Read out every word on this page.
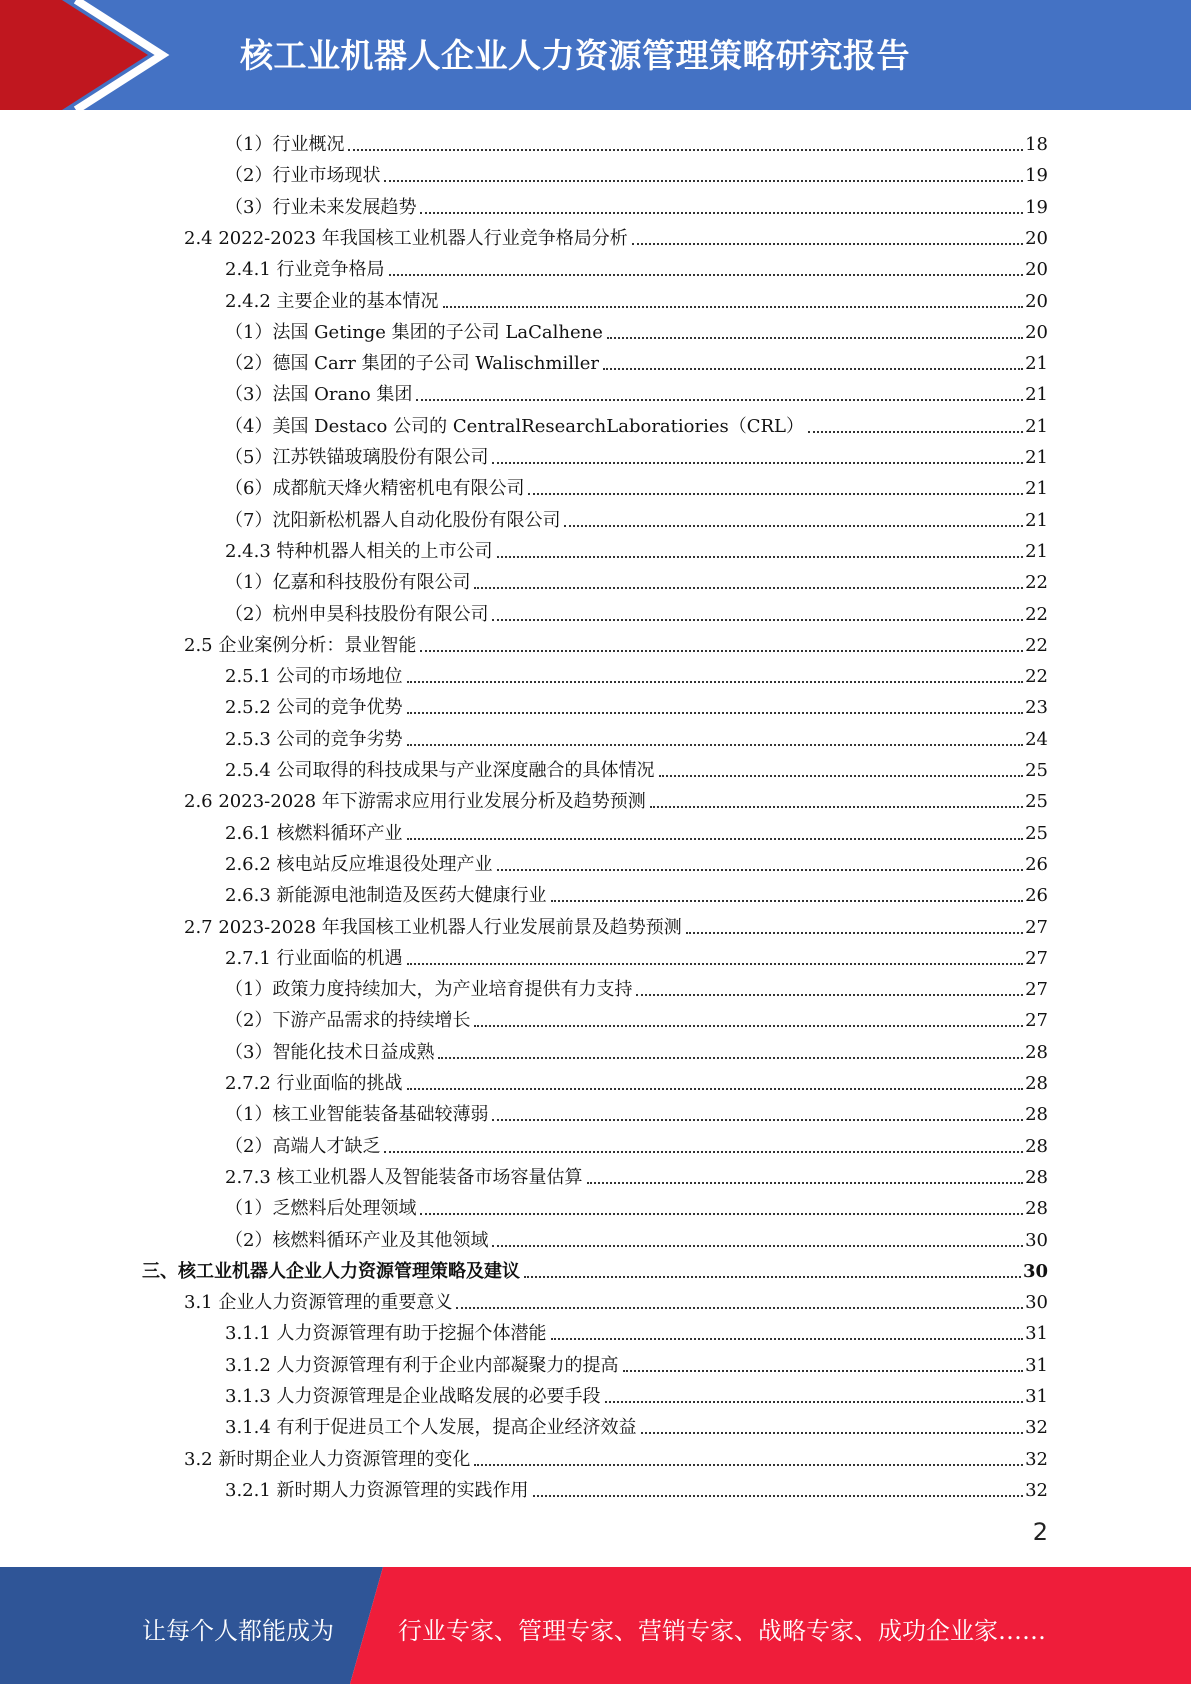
核工业机器人企业人力资源管理策略研究报告
（1）行业概况	18
（2）行业市场现状	19
（3）行业未来发展趋势	19
2.4 2022-2023 年我国核工业机器人行业竞争格局分析	20
2.4.1 行业竞争格局	20
2.4.2 主要企业的基本情况	20
（1）法国 Getinge 集团的子公司 LaCalhene	20
（2）德国 Carr 集团的子公司 Walischmiller	21
（3）法国 Orano 集团	21
（4）美国 Destaco 公司的 CentralResearchLaboratiories（CRL）	21
（5）江苏铁锚玻璃股份有限公司	21
（6）成都航天烽火精密机电有限公司	21
（7）沈阳新松机器人自动化股份有限公司	21
2.4.3 特种机器人相关的上市公司	21
（1）亿嘉和科技股份有限公司	22
（2）杭州申昊科技股份有限公司	22
2.5 企业案例分析：景业智能	22
2.5.1 公司的市场地位	22
2.5.2 公司的竞争优势	23
2.5.3 公司的竞争劣势	24
2.5.4 公司取得的科技成果与产业深度融合的具体情况	25
2.6 2023-2028 年下游需求应用行业发展分析及趋势预测	25
2.6.1 核燃料循环产业	25
2.6.2 核电站反应堆退役处理产业	26
2.6.3 新能源电池制造及医药大健康行业	26
2.7 2023-2028 年我国核工业机器人行业发展前景及趋势预测	27
2.7.1 行业面临的机遇	27
（1）政策力度持续加大，为产业培育提供有力支持	27
（2）下游产品需求的持续增长	27
（3）智能化技术日益成熟	28
2.7.2 行业面临的挑战	28
（1）核工业智能装备基础较薄弱	28
（2）高端人才缺乏	28
2.7.3 核工业机器人及智能装备市场容量估算	28
（1）乏燃料后处理领域	28
（2）核燃料循环产业及其他领域	30
三、核工业机器人企业人力资源管理策略及建议	30
3.1 企业人力资源管理的重要意义	30
3.1.1 人力资源管理有助于挖掘个体潜能	31
3.1.2 人力资源管理有利于企业内部凝聚力的提高	31
3.1.3 人力资源管理是企业战略发展的必要手段	31
3.1.4 有利于促进员工个人发展，提高企业经济效益	32
3.2 新时期企业人力资源管理的变化	32
3.2.1 新时期人力资源管理的实践作用	32
2
让每个人都能成为	行业专家、管理专家、营销专家、战略专家、成功企业家……
